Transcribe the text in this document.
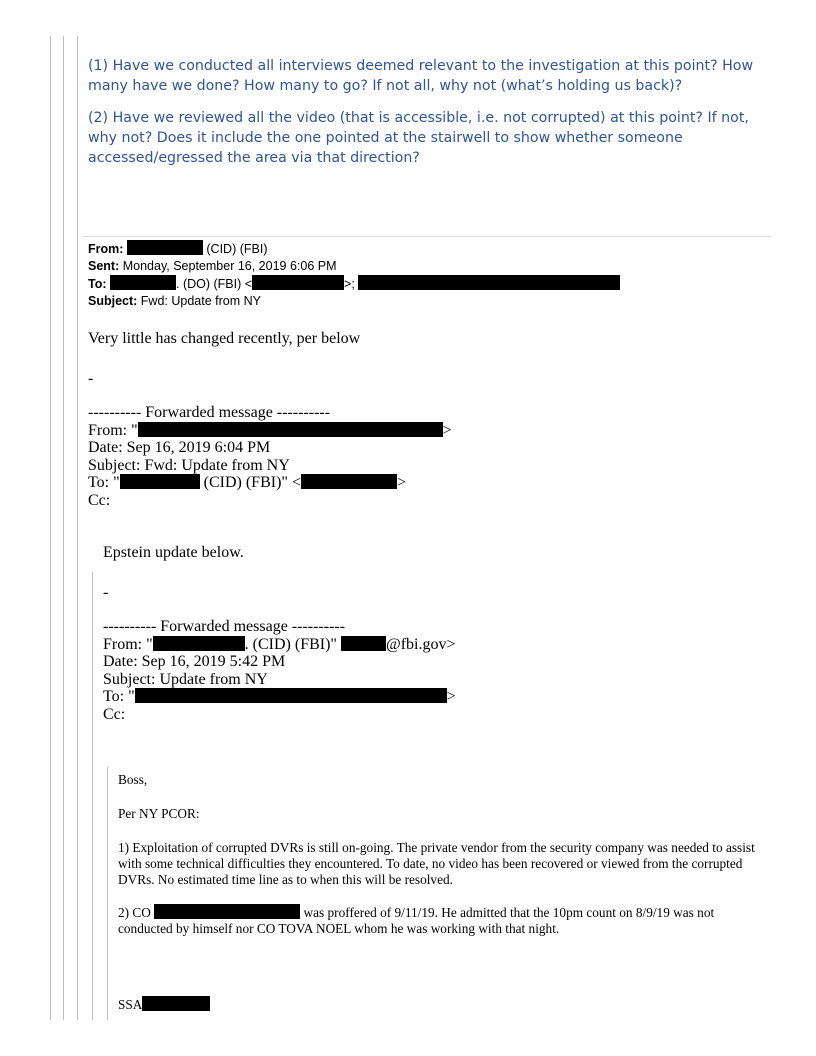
(1) Have we conducted all interviews deemed relevant to the investigation at this point? How many have we done? How many to go? If not all, why not (what’s holding us back)?

(2) Have we reviewed all the video (that is accessible, i.e. not corrupted) at this point? If not, why not? Does it include the one pointed at the stairwell to show whether someone accessed/egressed the area via that direction?

From:	(CID) (FBI)
Sent: Monday, September 16, 2019 6:06 PM
To:	. (DO) (FBI) <	>;
Subject: Fwd: Update from NY
Very little has changed recently, per below
-
---------- Forwarded message ----------
From: "	>
Date: Sep 16, 2019 6:04 PM
Subject: Fwd: Update from NY
To: "	(CID) (FBI)" <	>
Cc:
Epstein update below.
-
---------- Forwarded message ----------
From: "	. (CID) (FBI)"	@fbi.gov>
Date: Sep 16, 2019 5:42 PM
Subject: Update from NY
To: "	>
Cc:
Boss,
Per NY PCOR:
1) Exploitation of corrupted DVRs is still on-going. The private vendor from the security company was needed to assist with some technical difficulties they encountered. To date, no video has been recovered or viewed from the corrupted DVRs. No estimated time line as to when this will be resolved.
2) CO	was proffered of 9/11/19. He admitted that the 10pm count on 8/9/19 was not conducted by himself nor CO TOVA NOEL whom he was working with that night.
SSA
